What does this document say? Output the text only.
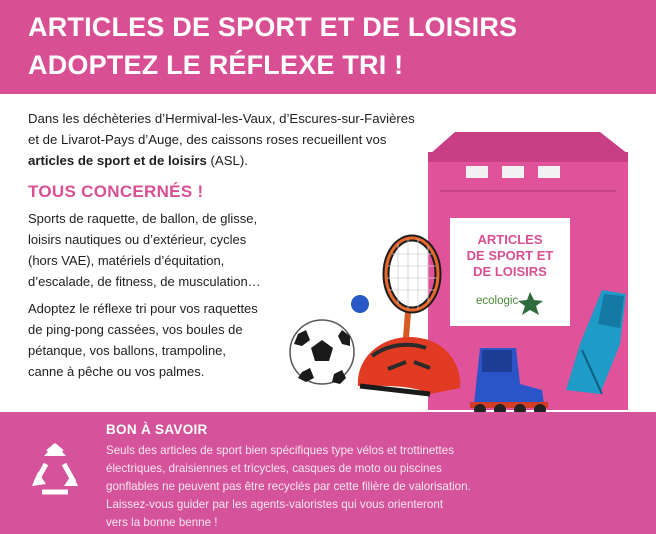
ARTICLES DE SPORT ET DE LOISIRS
ADOPTEZ LE RÉFLEXE TRI !
Dans les déchèteries d’Hermival-les-Vaux, d’Escures-sur-Favières
et de Livarot-Pays d’Auge, des caissons roses recueillent vos
articles de sport et de loisirs (ASL).
TOUS CONCERNÉS !
Sports de raquette, de ballon, de glisse,
loisirs nautiques ou d’extérieur, cycles
(hors VAE), matériels d’équitation,
d’escalade, de fitness, de musculation…
Adoptez le réflexe tri pour vos raquettes
de ping-pong cassées, vos boules de
pétanque, vos ballons, trampoline,
canne à pêche ou vos palmes.
ARTICLES
DE SPORT ET
DE LOISIRS
ecologic
BON À SAVOIR
Seuls des articles de sport bien spécifiques type vélos et trottinettes
électriques, draisiennes et tricycles, casques de moto ou piscines
gonflables ne peuvent pas être recyclés par cette filière de valorisation.
Laissez-vous guider par les agents-valoristes qui vous orienteront
vers la bonne benne !
